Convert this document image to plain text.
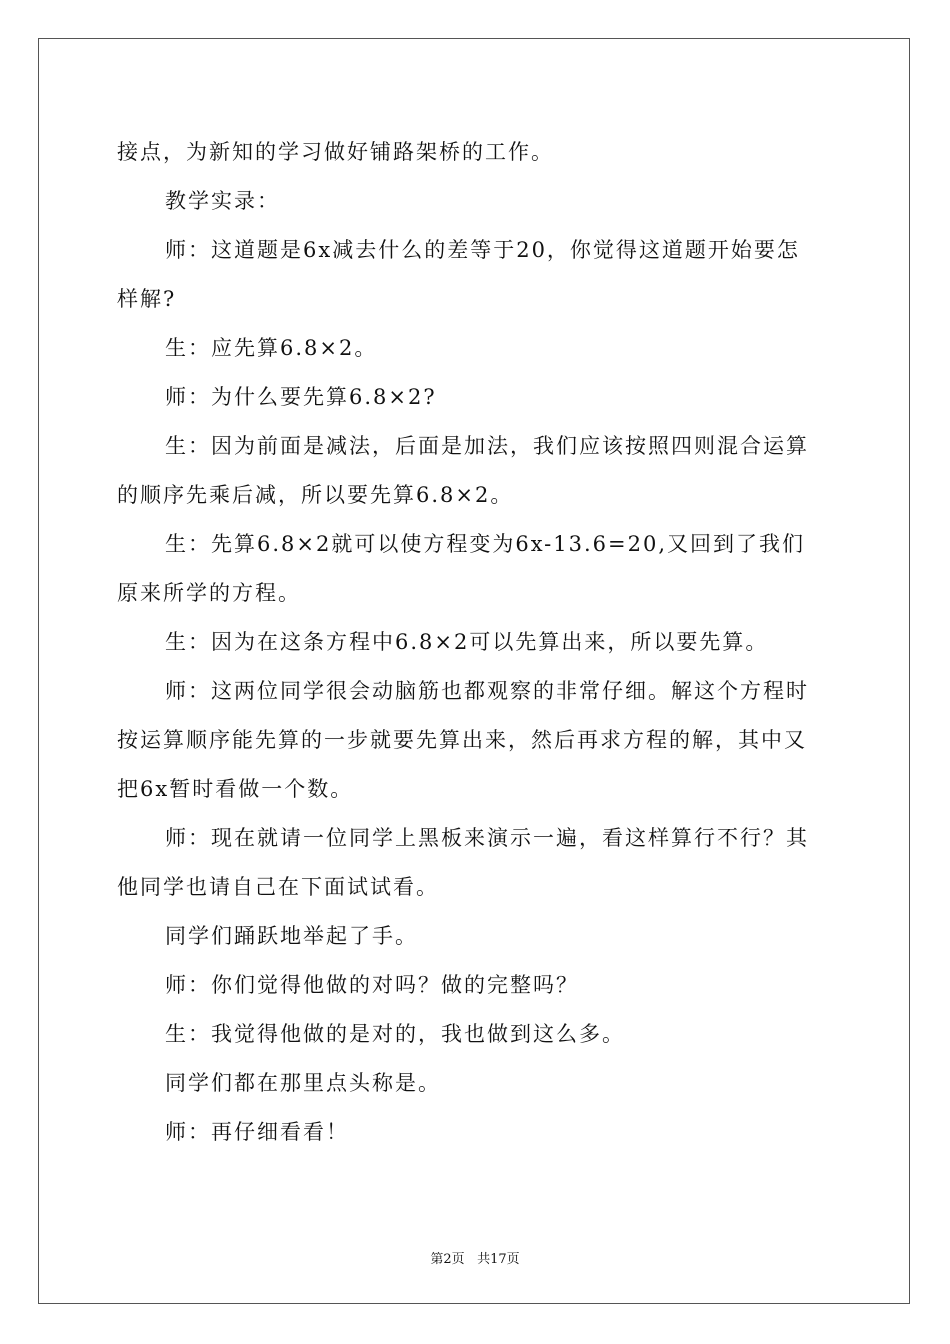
接点，为新知的学习做好铺路架桥的工作。
教学实录：
师：这道题是6x减去什么的差等于20，你觉得这道题开始要怎
样解?
生：应先算6.8×2。
师：为什么要先算6.8×2?
生：因为前面是减法，后面是加法，我们应该按照四则混合运算
的顺序先乘后减，所以要先算6.8×2。
生：先算6.8×2就可以使方程变为6x-13.6=20,又回到了我们
原来所学的方程。
生：因为在这条方程中6.8×2可以先算出来，所以要先算。
师：这两位同学很会动脑筋也都观察的非常仔细。解这个方程时
按运算顺序能先算的一步就要先算出来，然后再求方程的解，其中又
把6x暂时看做一个数。
师：现在就请一位同学上黑板来演示一遍，看这样算行不行？其
他同学也请自己在下面试试看。
同学们踊跃地举起了手。
师：你们觉得他做的对吗？做的完整吗？
生：我觉得他做的是对的，我也做到这么多。
同学们都在那里点头称是。
师：再仔细看看！
第2页 共17页
